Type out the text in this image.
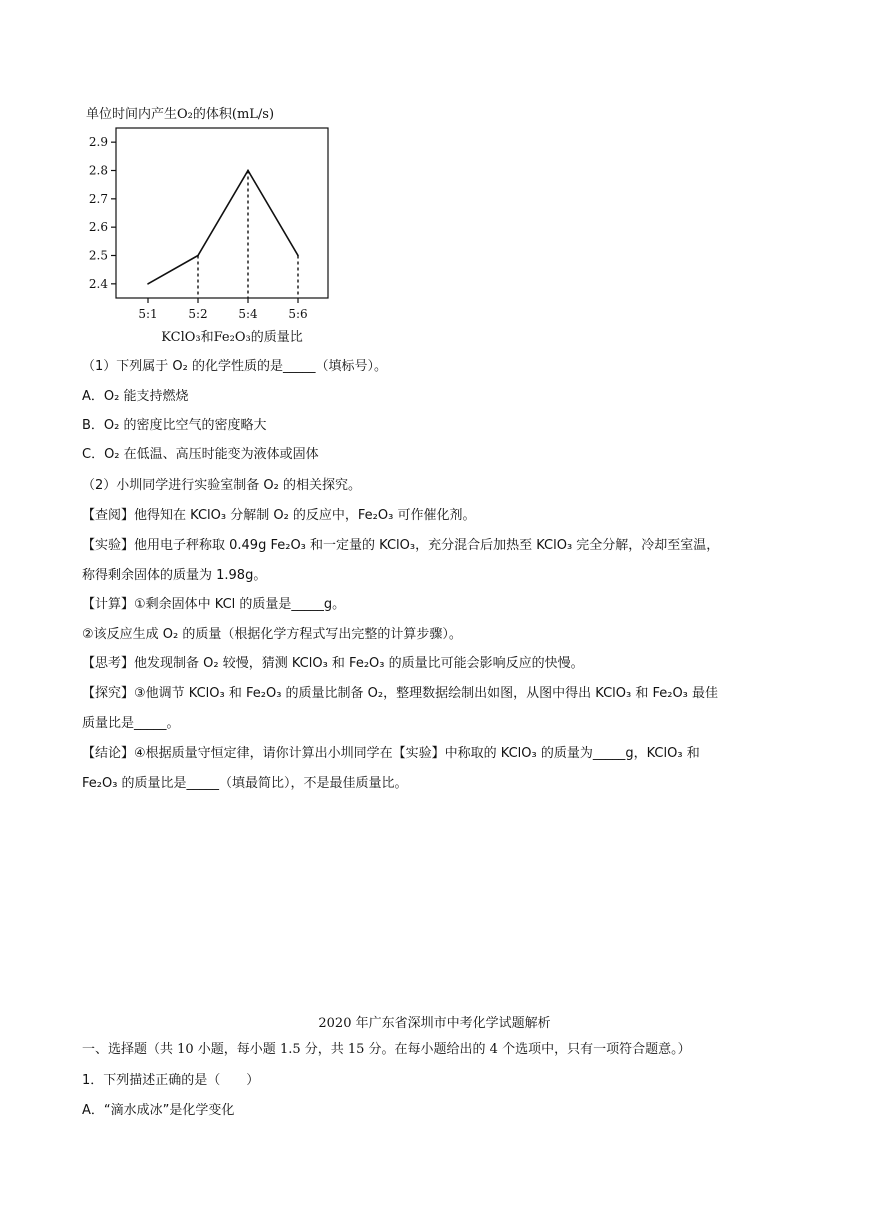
单位时间内产生O₂的体积(mL/s)
2.4
2.5
2.6
2.7
2.8
2.9
5:1	5:2	5:4	5:6
KClO₃和Fe₂O₃的质量比
（1）下列属于 O₂ 的化学性质的是_____（填标号）。
A．O₂ 能支持燃烧
B．O₂ 的密度比空气的密度略大
C．O₂ 在低温、高压时能变为液体或固体
（2）小圳同学进行实验室制备 O₂ 的相关探究。
【查阅】他得知在 KClO₃ 分解制 O₂ 的反应中，Fe₂O₃ 可作催化剂。
【实验】他用电子秤称取 0.49g Fe₂O₃ 和一定量的 KClO₃，充分混合后加热至 KClO₃ 完全分解，冷却至室温，
称得剩余固体的质量为 1.98g。
【计算】①剩余固体中 KCl 的质量是_____g。
②该反应生成 O₂ 的质量（根据化学方程式写出完整的计算步骤）。
【思考】他发现制备 O₂ 较慢，猜测 KClO₃ 和 Fe₂O₃ 的质量比可能会影响反应的快慢。
【探究】③他调节 KClO₃ 和 Fe₂O₃ 的质量比制备 O₂，整理数据绘制出如图，从图中得出 KClO₃ 和 Fe₂O₃ 最佳
质量比是_____。
【结论】④根据质量守恒定律，请你计算出小圳同学在【实验】中称取的 KClO₃ 的质量为_____g，KClO₃ 和
Fe₂O₃ 的质量比是_____（填最简比），不是最佳质量比。
2020 年广东省深圳市中考化学试题解析
一、选择题（共 10 小题，每小题 1.5 分，共 15 分。在每小题给出的 4 个选项中，只有一项符合题意。）
1．下列描述正确的是（　　）
A．“滴水成冰”是化学变化
